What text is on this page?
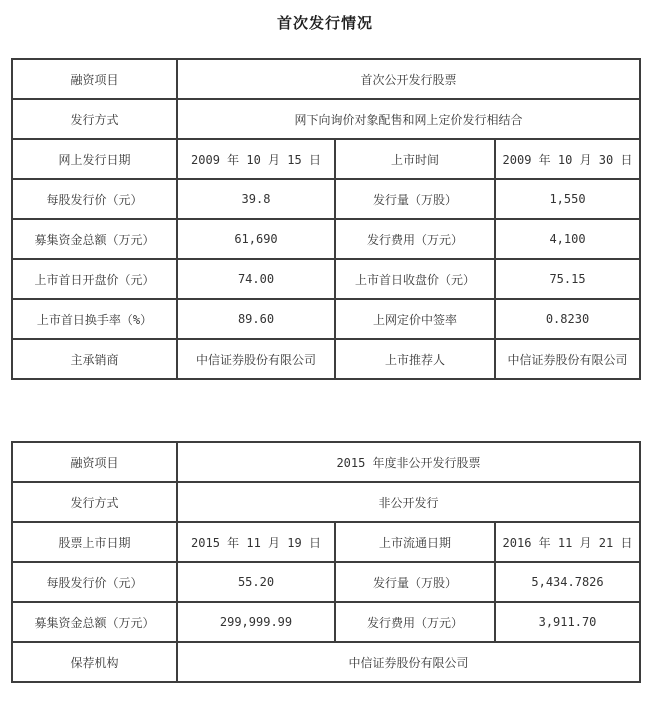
首次发行情况
融资项目	首次公开发行股票		
发行方式	网下向询价对象配售和网上定价发行相结合		
网上发行日期	2009 年 10 月 15 日	上市时间	2009 年 10 月 30 日
每股发行价（元）	39.8	发行量（万股）	1,550
募集资金总额（万元）	61,690	发行费用（万元）	4,100
上市首日开盘价（元）	74.00	上市首日收盘价（元）	75.15
上市首日换手率（%）	89.60	上网定价中签率	0.8230
主承销商	中信证券股份有限公司	上市推荐人	中信证券股份有限公司
融资项目	2015 年度非公开发行股票		
发行方式	非公开发行		
股票上市日期	2015 年 11 月 19 日	上市流通日期	2016 年 11 月 21 日
每股发行价（元）	55.20	发行量（万股）	5,434.7826
募集资金总额（万元）	299,999.99	发行费用（万元）	3,911.70
保荐机构	中信证券股份有限公司		
